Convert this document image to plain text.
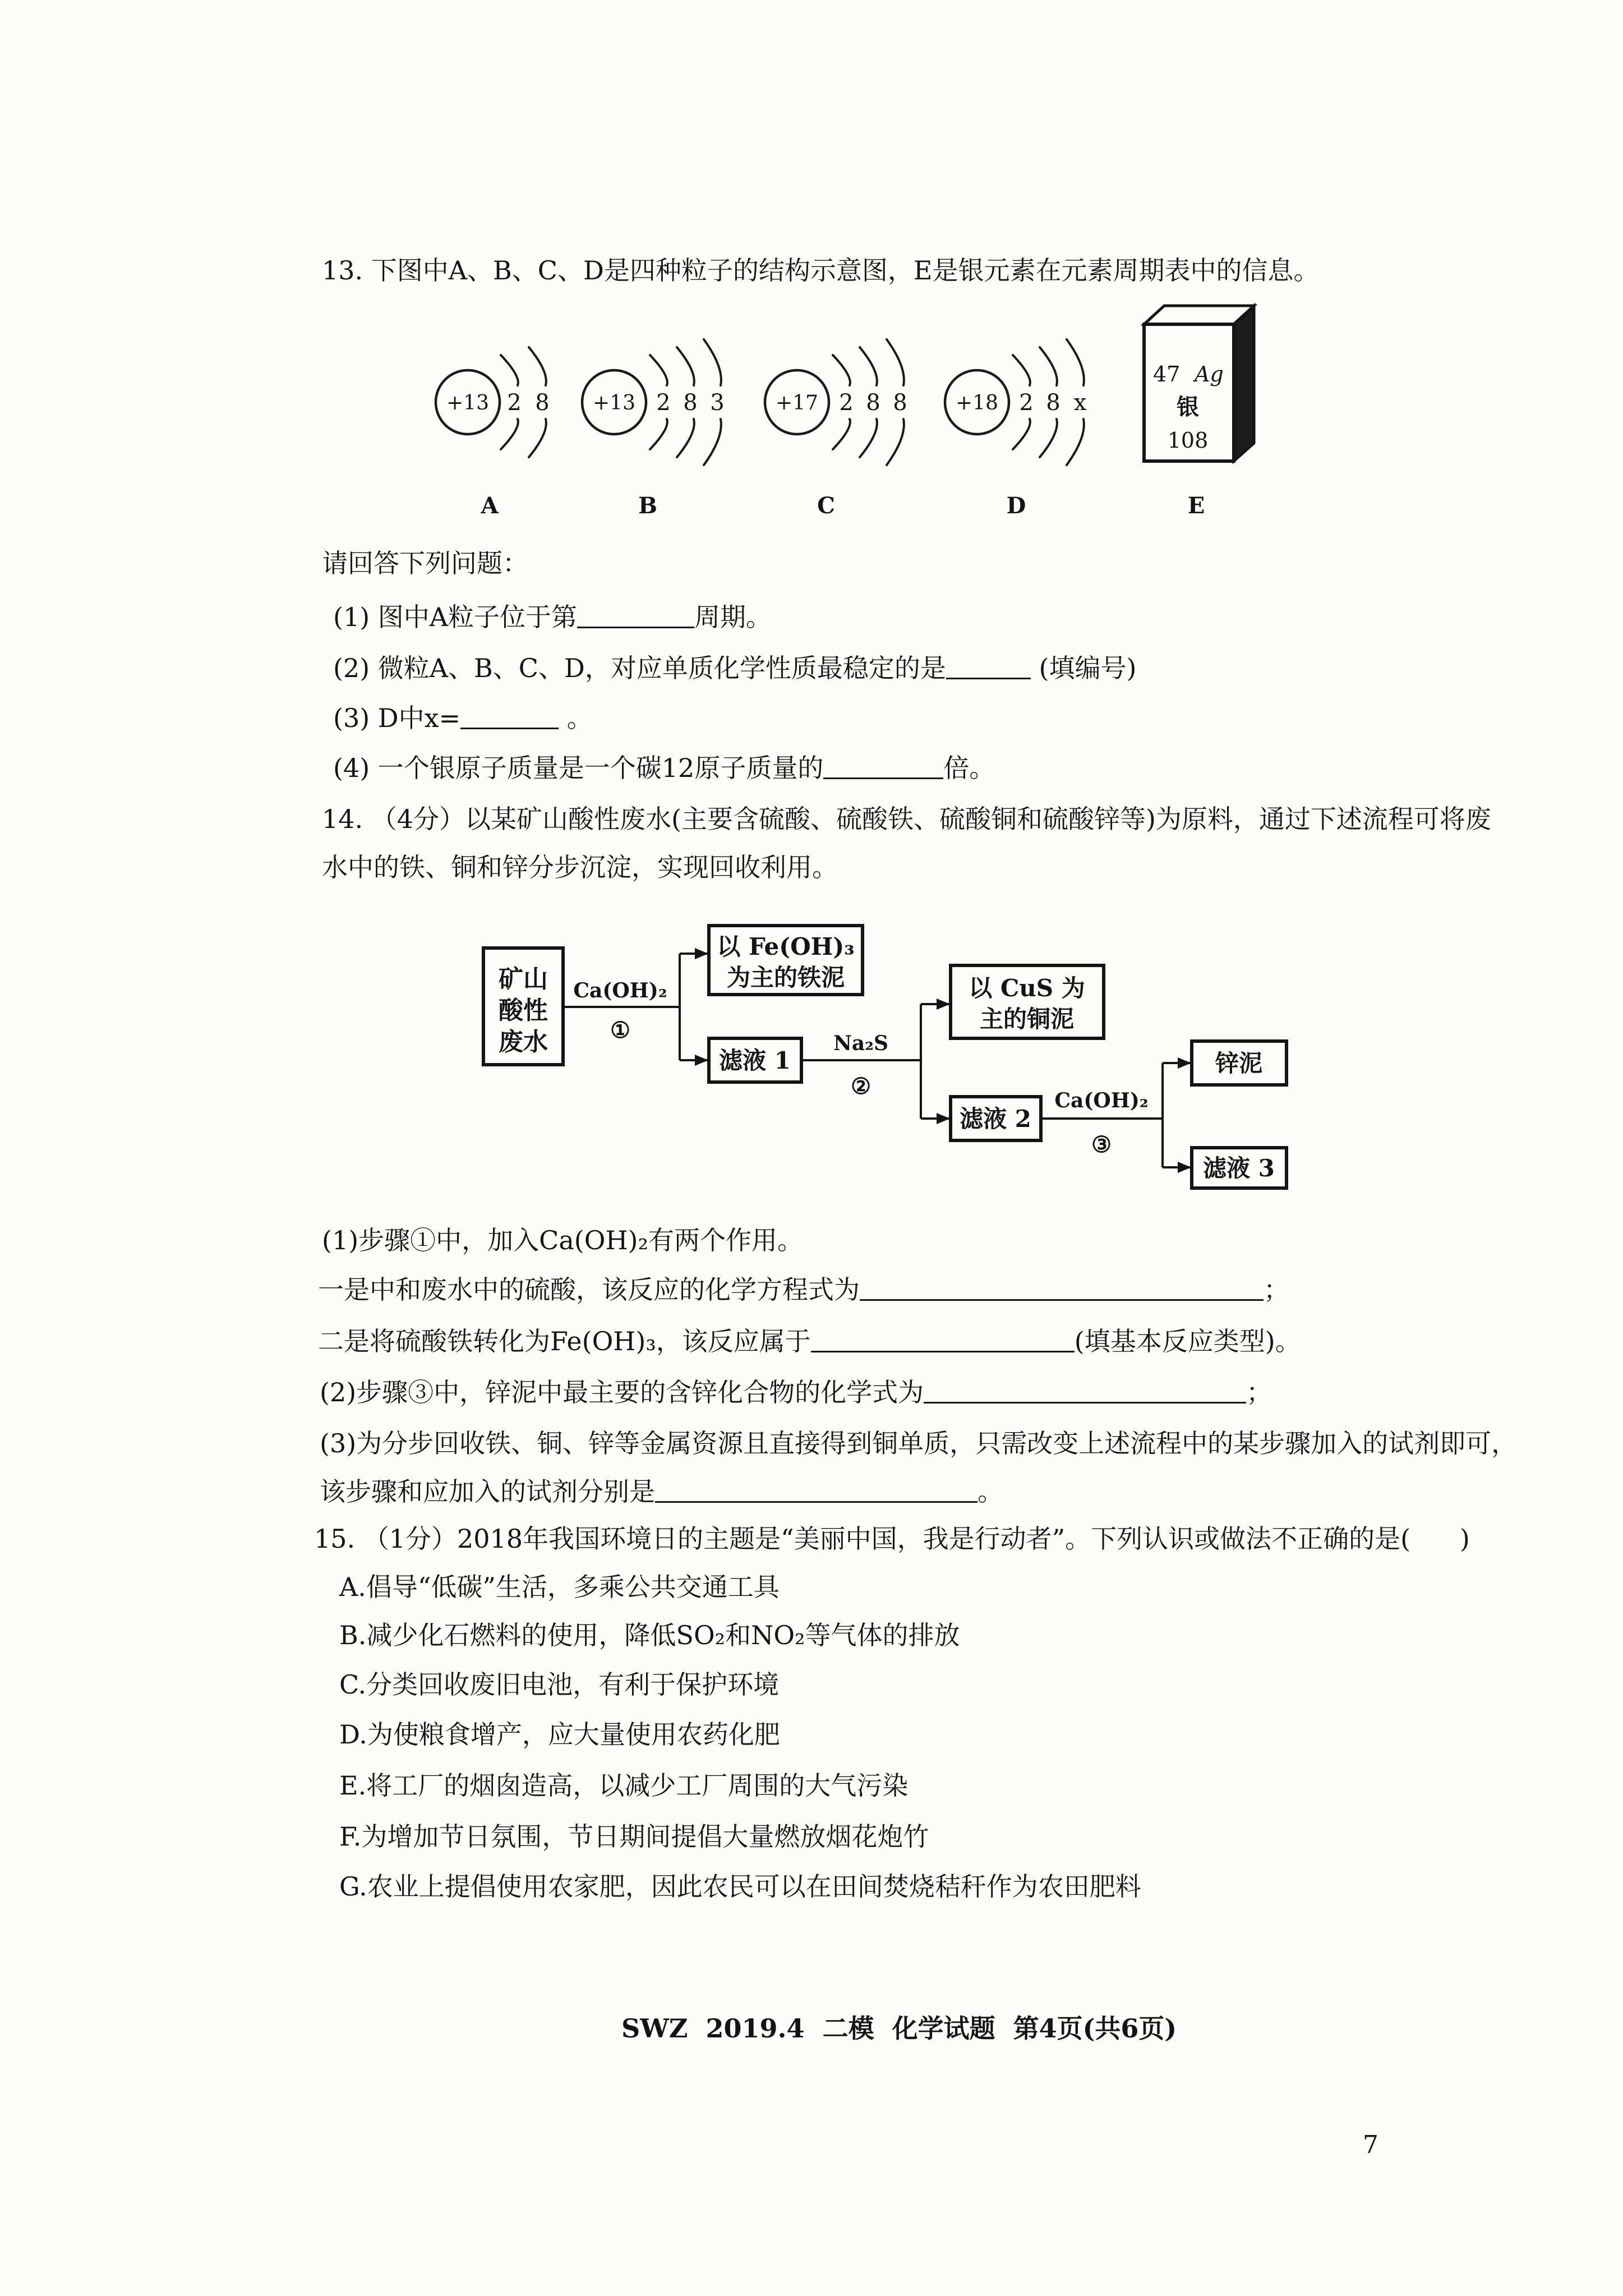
13. 下图中A、B、C、D是四种粒子的结构示意图，E是银元素在元素周期表中的信息。
+13 2 8
A
+13 2 8 3
B
+17 2 8 8
C
+18 2 8 x
D
47 Ag
银
108
E
请回答下列问题：
(1) 图中A粒子位于第	周期。
(2) 微粒A、B、C、D，对应单质化学性质最稳定的是	(填编号)
(3) D中x=	。
(4) 一个银原子质量是一个碳12原子质量的	倍。
14. （4分）以某矿山酸性废水(主要含硫酸、硫酸铁、硫酸铜和硫酸锌等)为原料，通过下述流程可将废
水中的铁、铜和锌分步沉淀，实现回收利用。
矿山
酸性
废水
Ca(OH)₂
①
以 Fe(OH)₃
为主的铁泥
滤液 1
Na₂S
②
以 CuS 为
主的铜泥
滤液 2
Ca(OH)₂
③
锌泥
滤液 3
(1)步骤①中，加入Ca(OH)₂有两个作用。
一是中和废水中的硫酸，该反应的化学方程式为	；
二是将硫酸铁转化为Fe(OH)₃，该反应属于	(填基本反应类型)。
(2)步骤③中，锌泥中最主要的含锌化合物的化学式为	；
(3)为分步回收铁、铜、锌等金属资源且直接得到铜单质，只需改变上述流程中的某步骤加入的试剂即可，
该步骤和应加入的试剂分别是	。
15. （1分）2018年我国环境日的主题是“美丽中国，我是行动者”。下列认识或做法不正确的是(      )
A.倡导“低碳”生活，多乘公共交通工具
B.减少化石燃料的使用，降低SO₂和NO₂等气体的排放
C.分类回收废旧电池，有利于保护环境
D.为使粮食增产，应大量使用农药化肥
E.将工厂的烟囱造高，以减少工厂周围的大气污染
F.为增加节日氛围，节日期间提倡大量燃放烟花炮竹
G.农业上提倡使用农家肥，因此农民可以在田间焚烧秸秆作为农田肥料
SWZ  2019.4  二模  化学试题  第4页(共6页)
7
